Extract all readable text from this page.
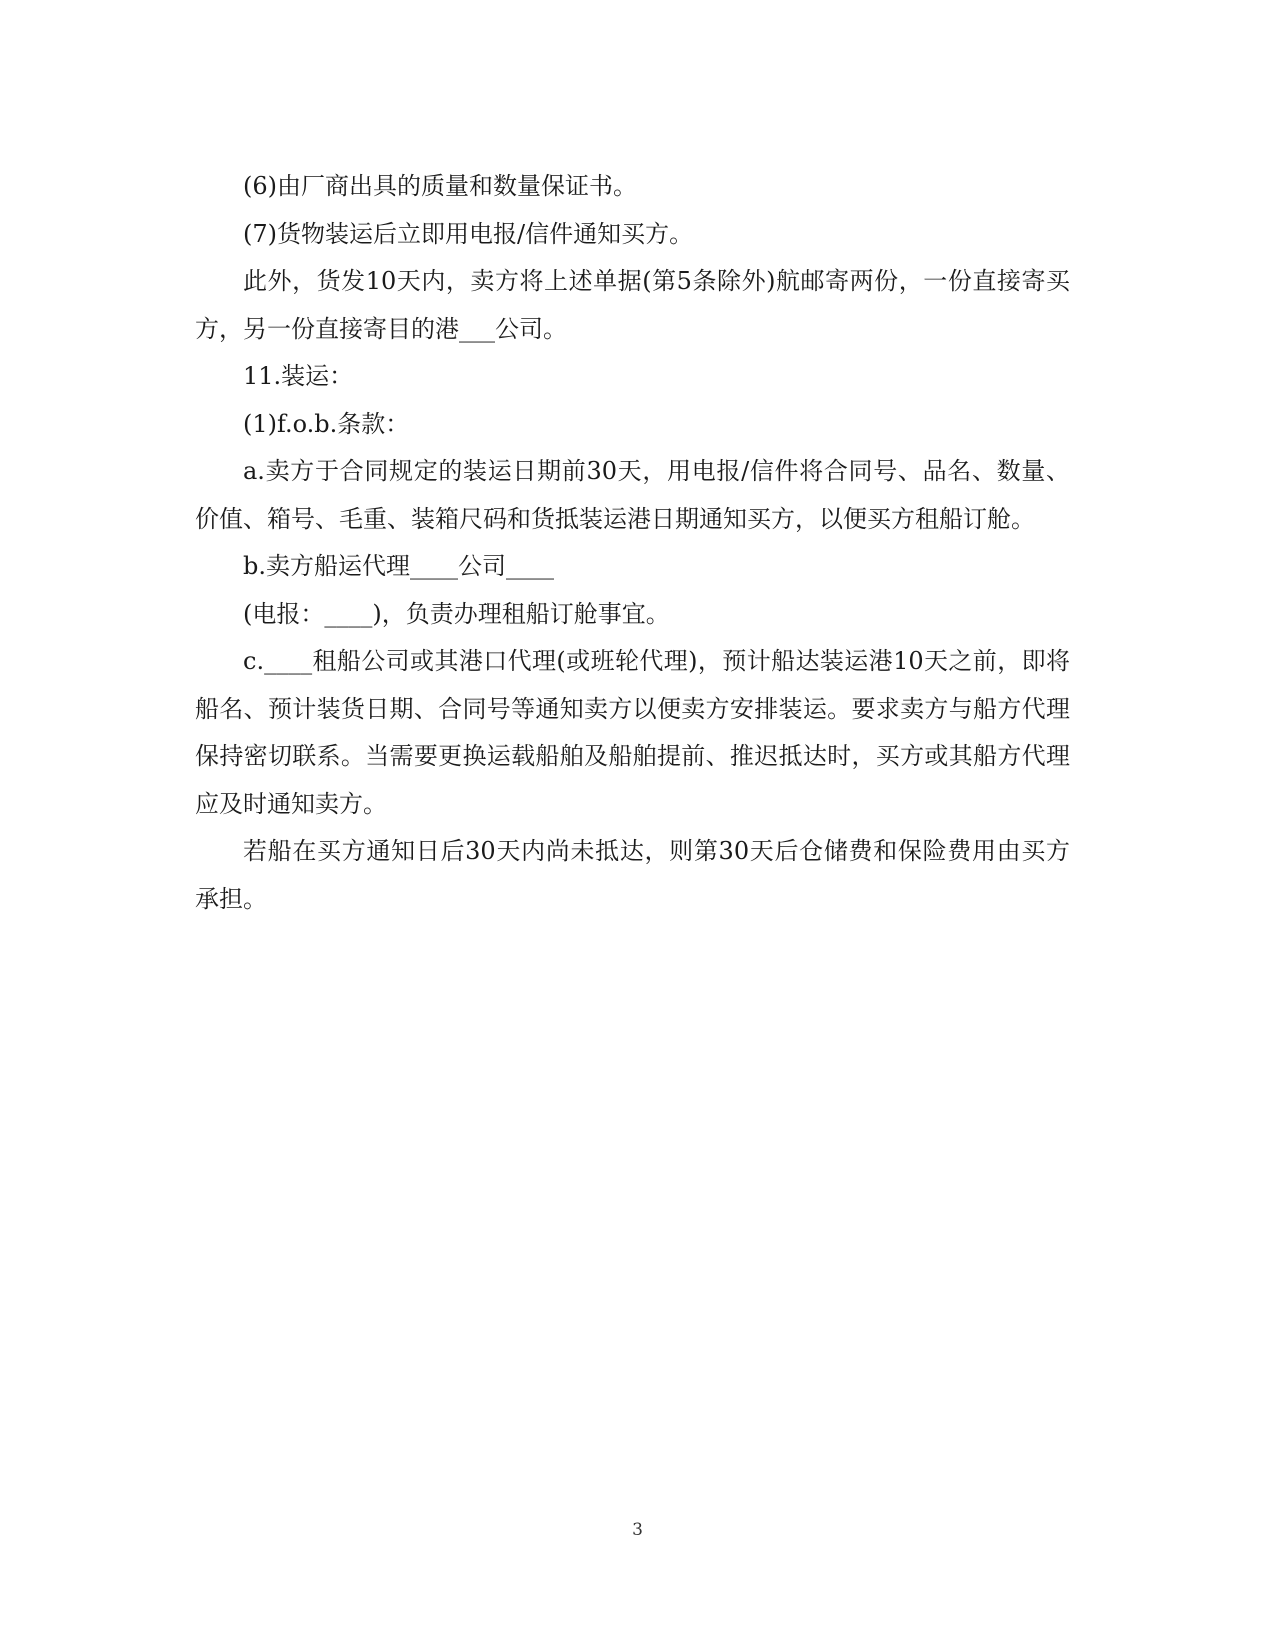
(6)由厂商出具的质量和数量保证书。

(7)货物装运后立即用电报/信件通知买方。

此外，货发10天内，卖方将上述单据(第5条除外)航邮寄两份，一份直接寄买方，另一份直接寄目的港___公司。

11.装运：

(1)f.o.b.条款：

a.卖方于合同规定的装运日期前30天，用电报/信件将合同号、品名、数量、价值、箱号、毛重、装箱尺码和货抵装运港日期通知买方，以便买方租船订舱。

b.卖方船运代理____公司____

(电报：____)，负责办理租船订舱事宜。

c.____租船公司或其港口代理(或班轮代理)，预计船达装运港10天之前，即将船名、预计装货日期、合同号等通知卖方以便卖方安排装运。要求卖方与船方代理保持密切联系。当需要更换运载船舶及船舶提前、推迟抵达时，买方或其船方代理应及时通知卖方。

若船在买方通知日后30天内尚未抵达，则第30天后仓储费和保险费用由买方承担。

3
